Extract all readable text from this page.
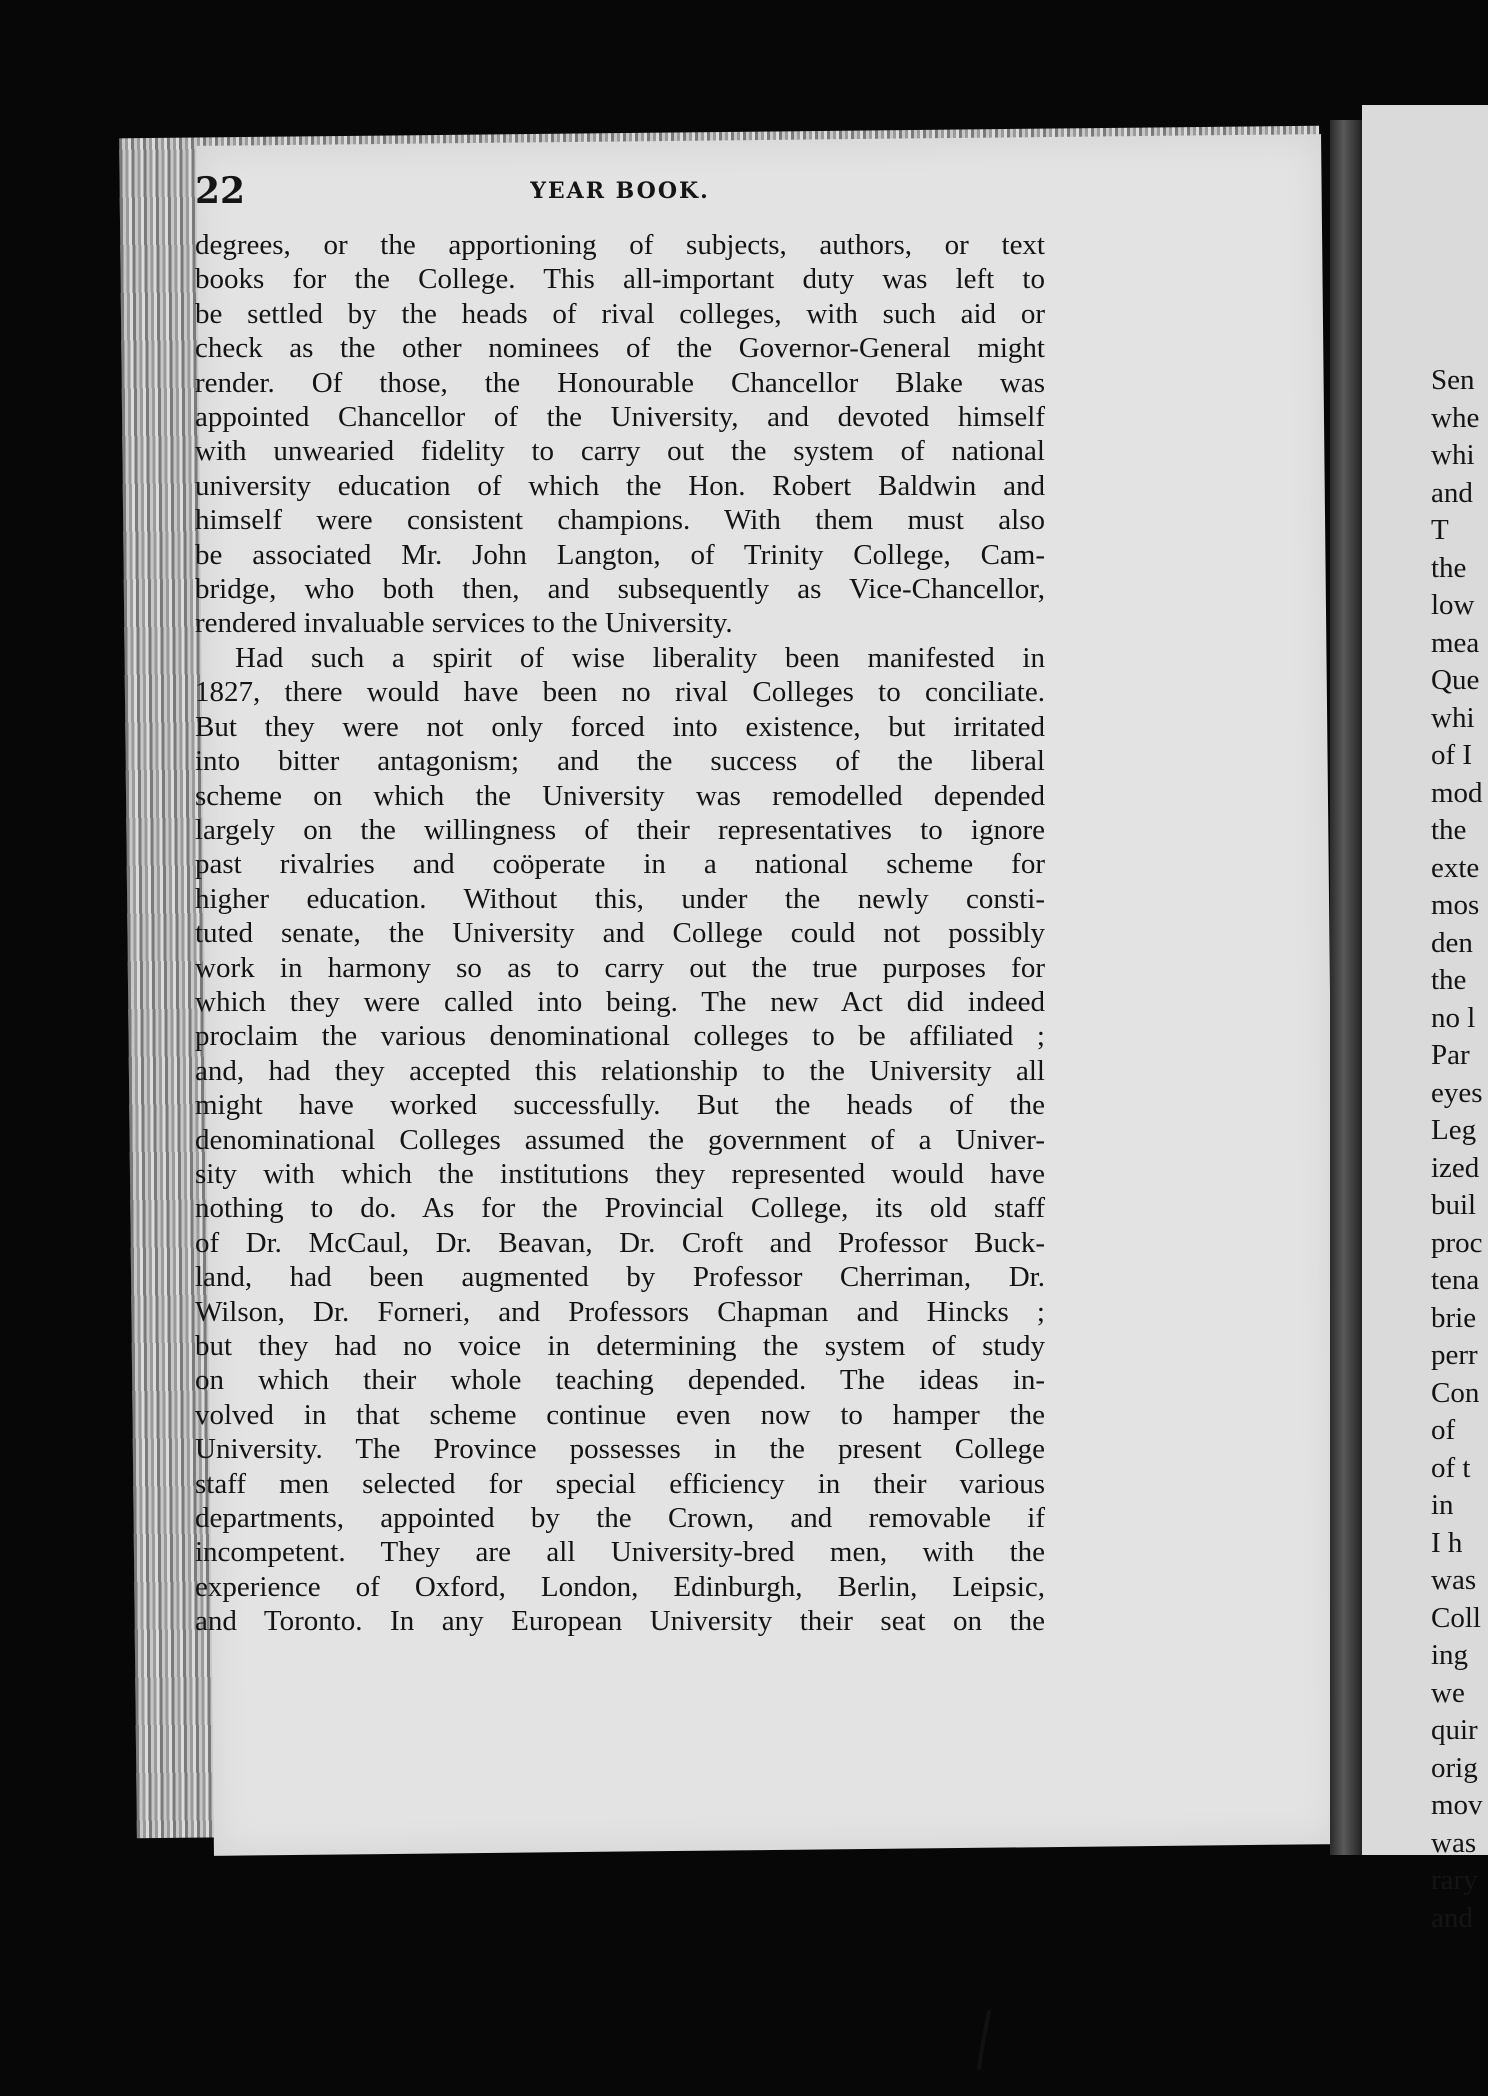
22	YEAR BOOK.
degrees, or the apportioning of subjects, authors, or text
books for the College. This all-important duty was left to
be settled by the heads of rival colleges, with such aid or
check as the other nominees of the Governor-General might
render. Of those, the Honourable Chancellor Blake was
appointed Chancellor of the University, and devoted himself
with unwearied fidelity to carry out the system of national
university education of which the Hon. Robert Baldwin and
himself were consistent champions. With them must also
be associated Mr. John Langton, of Trinity College, Cam-
bridge, who both then, and subsequently as Vice-Chancellor,
rendered invaluable services to the University.
Had such a spirit of wise liberality been manifested in
1827, there would have been no rival Colleges to conciliate.
But they were not only forced into existence, but irritated
into bitter antagonism; and the success of the liberal
scheme on which the University was remodelled depended
largely on the willingness of their representatives to ignore
past rivalries and coöperate in a national scheme for
higher education. Without this, under the newly consti-
tuted senate, the University and College could not possibly
work in harmony so as to carry out the true purposes for
which they were called into being. The new Act did indeed
proclaim the various denominational colleges to be affiliated ;
and, had they accepted this relationship to the University all
might have worked successfully. But the heads of the
denominational Colleges assumed the government of a Univer-
sity with which the institutions they represented would have
nothing to do. As for the Provincial College, its old staff
of Dr. McCaul, Dr. Beavan, Dr. Croft and Professor Buck-
land, had been augmented by Professor Cherriman, Dr.
Wilson, Dr. Forneri, and Professors Chapman and Hincks ;
but they had no voice in determining the system of study
on which their whole teaching depended. The ideas in-
volved in that scheme continue even now to hamper the
University. The Province possesses in the present College
staff men selected for special efficiency in their various
departments, appointed by the Crown, and removable if
incompetent. They are all University-bred men, with the
experience of Oxford, London, Edinburgh, Berlin, Leipsic,
and Toronto. In any European University their seat on the
Sen
whe
whi
and
T
the
low
mea
Que
whi
of I
mod
the
exte
mos
den
the
no l
Par
eyes
Leg
ized
buil
proc
tena
brie
perr
Con
of
of t
in
I h
was
Coll
ing
we
quir
orig
mov
was
rary
and
